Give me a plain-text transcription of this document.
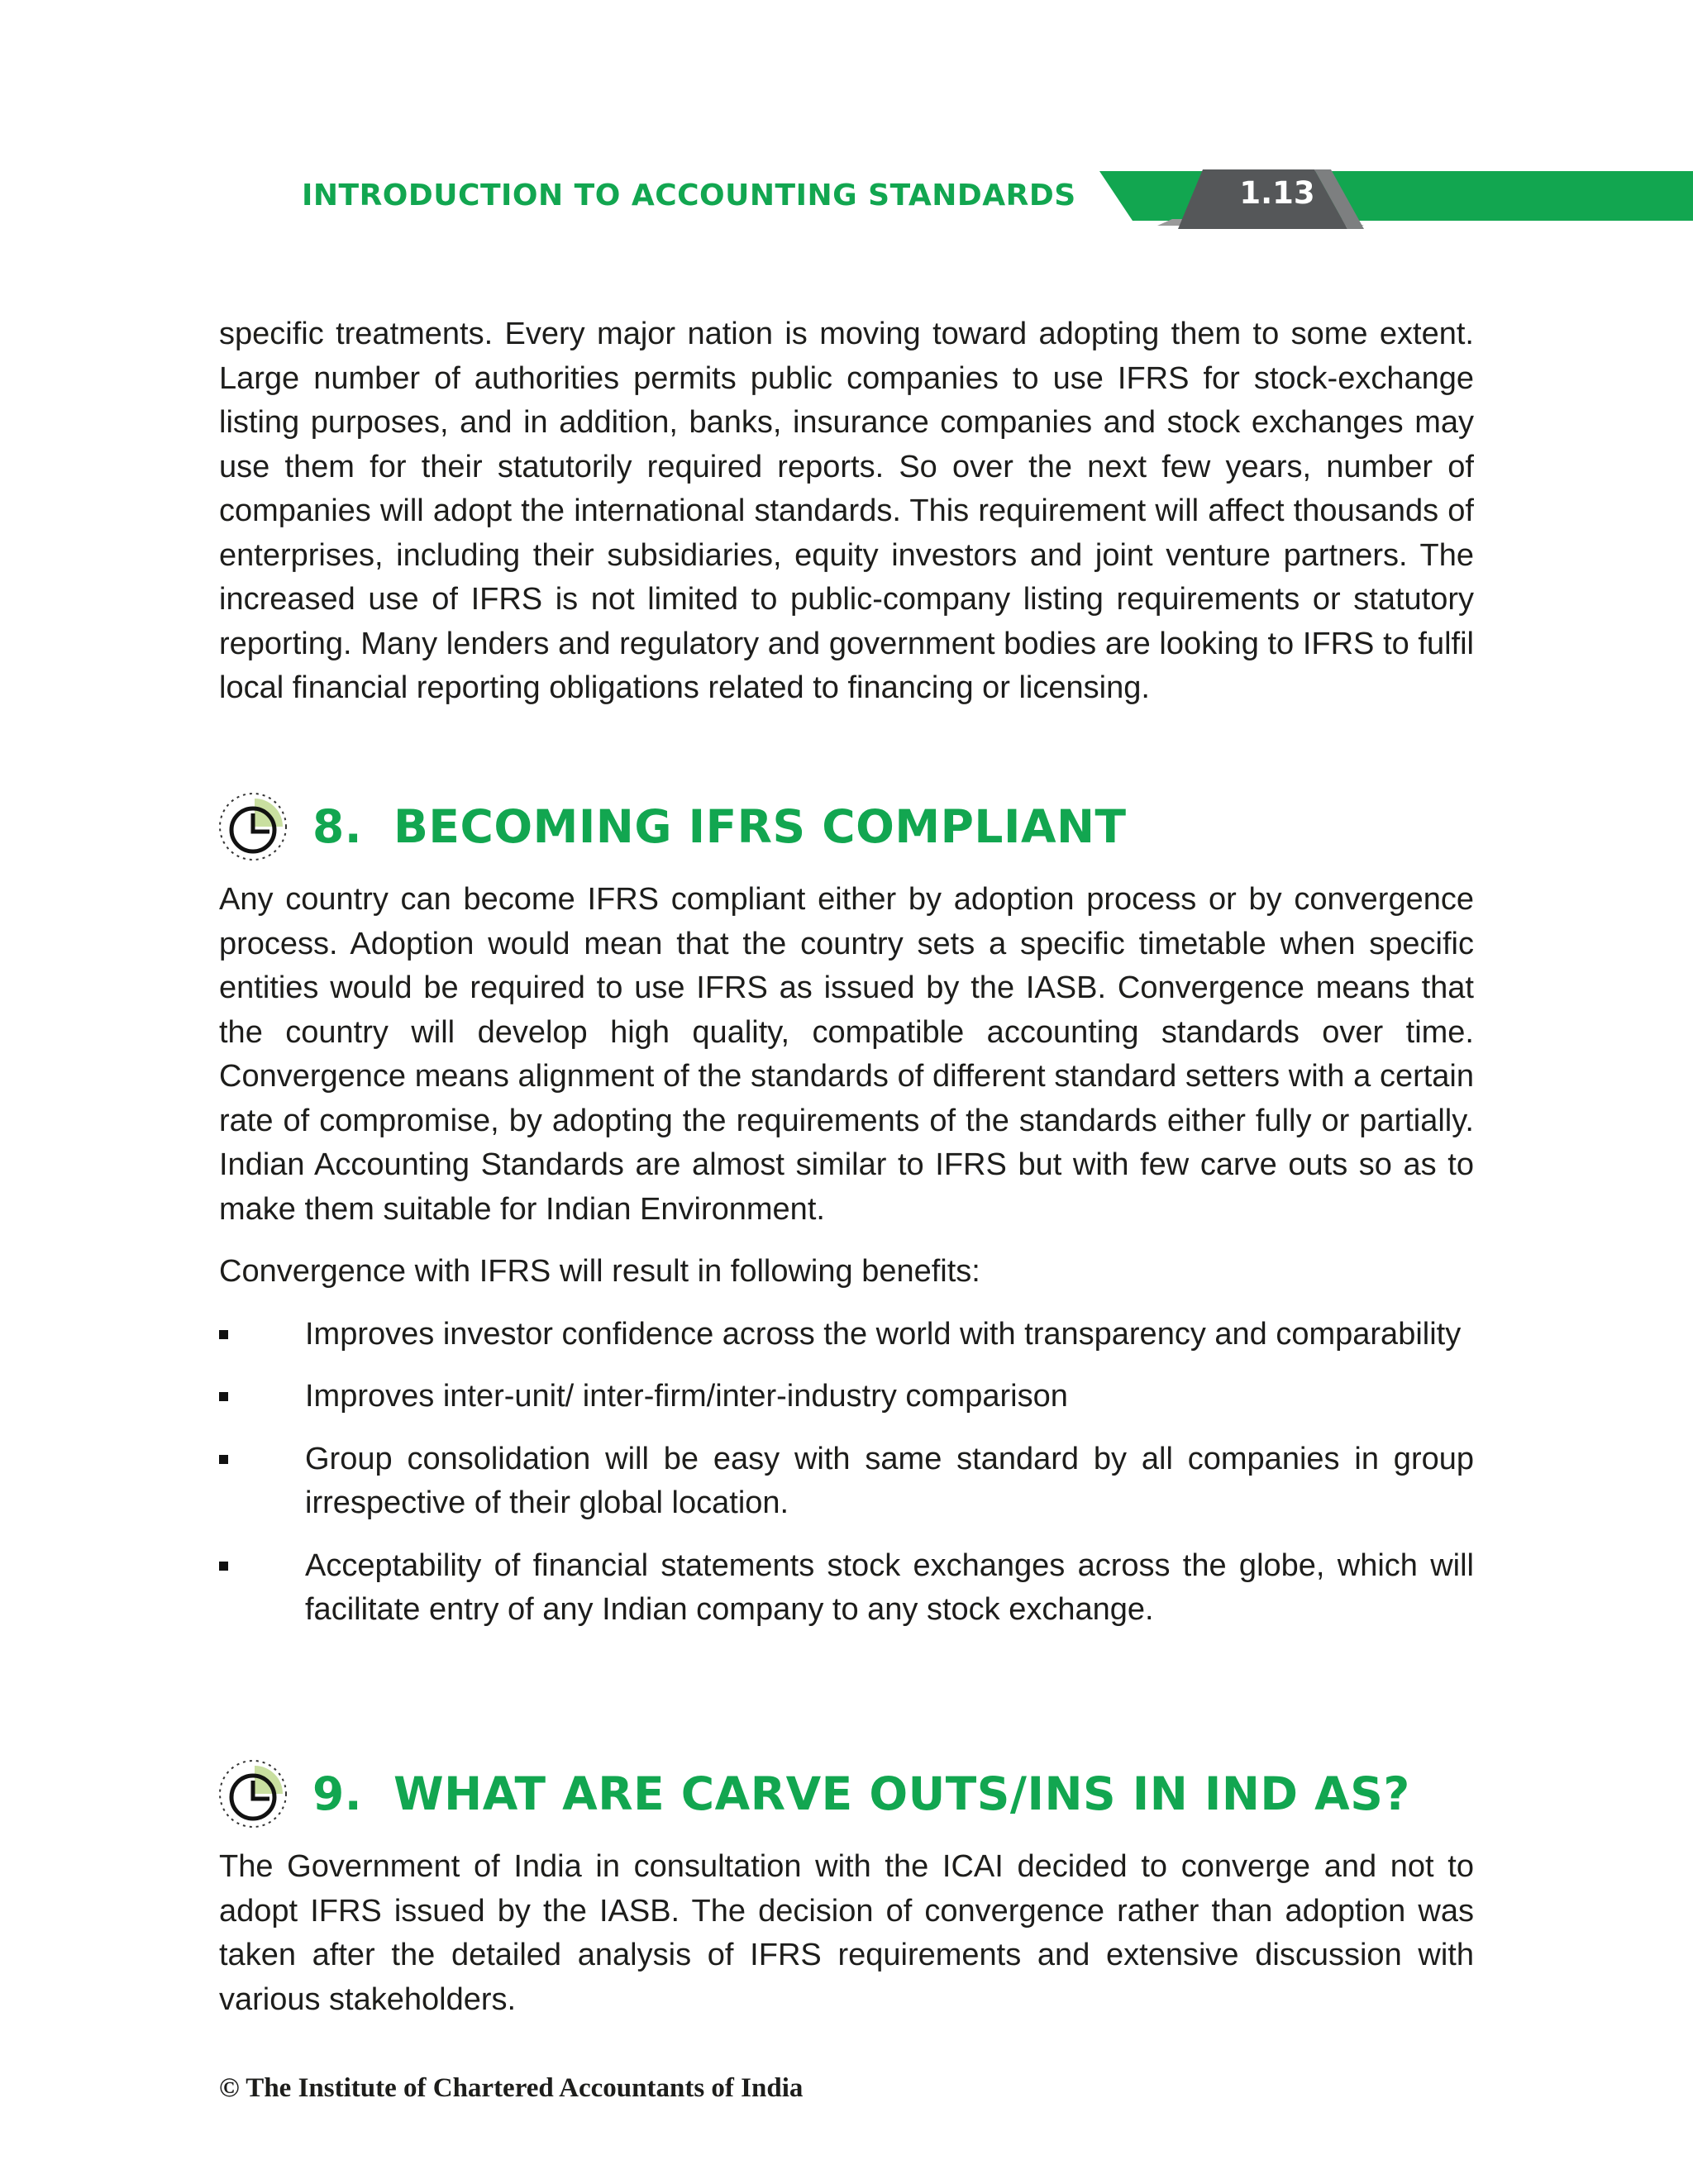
INTRODUCTION TO ACCOUNTING STANDARDS	1.13

specific treatments. Every major nation is moving toward adopting them to some extent. Large number of authorities permits public companies to use IFRS for stock-exchange listing purposes, and in addition, banks, insurance companies and stock exchanges may use them for their statutorily required reports. So over the next few years, number of companies will adopt the international standards. This requirement will affect thousands of enterprises, including their subsidiaries, equity investors and joint venture partners. The increased use of IFRS is not limited to public-company listing requirements or statutory reporting. Many lenders and regulatory and government bodies are looking to IFRS to fulfil local financial reporting obligations related to financing or licensing.

8. BECOMING IFRS COMPLIANT

Any country can become IFRS compliant either by adoption process or by convergence process. Adoption would mean that the country sets a specific timetable when specific entities would be required to use IFRS as issued by the IASB. Convergence means that the country will develop high quality, compatible accounting standards over time. Convergence means alignment of the standards of different standard setters with a certain rate of compromise, by adopting the requirements of the standards either fully or partially. Indian Accounting Standards are almost similar to IFRS but with few carve outs so as to make them suitable for Indian Environment.

Convergence with IFRS will result in following benefits:

Improves investor confidence across the world with transparency and comparability
Improves inter-unit/ inter-firm/inter-industry comparison
Group consolidation will be easy with same standard by all companies in group irrespective of their global location.
Acceptability of financial statements stock exchanges across the globe, which will facilitate entry of any Indian company to any stock exchange.
9. WHAT ARE CARVE OUTS/INS IN IND AS?

The Government of India in consultation with the ICAI decided to converge and not to adopt IFRS issued by the IASB. The decision of convergence rather than adoption was taken after the detailed analysis of IFRS requirements and extensive discussion with various stakeholders.

© The Institute of Chartered Accountants of India
